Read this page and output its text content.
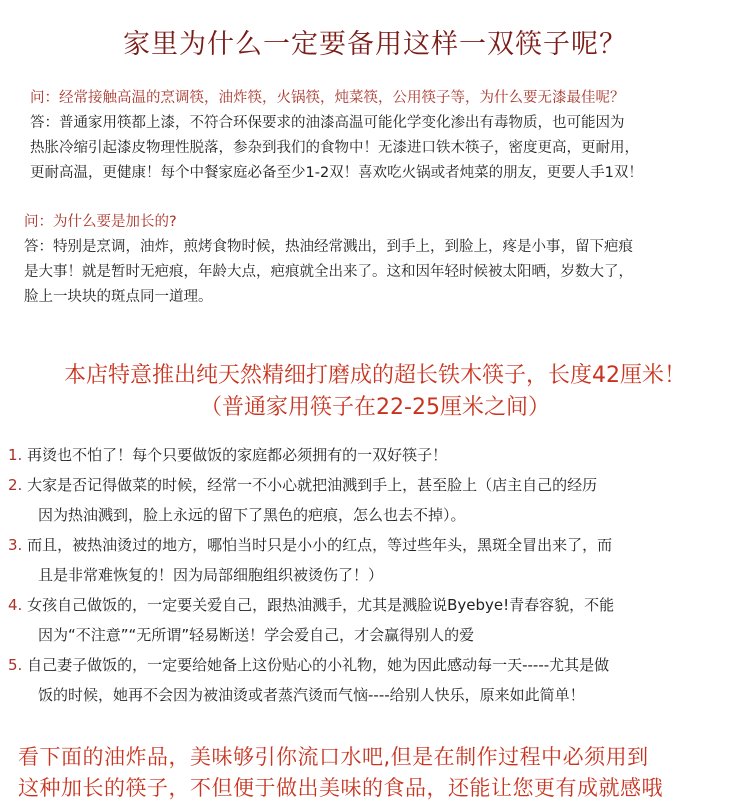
家里为什么一定要备用这样一双筷子呢？
问：经常接触高温的烹调筷，油炸筷，火锅筷，炖菜筷，公用筷子等，为什么要无漆最佳呢？
答：普通家用筷都上漆，不符合环保要求的油漆高温可能化学变化渗出有毒物质，也可能因为
热胀冷缩引起漆皮物理性脱落，参杂到我们的食物中！无漆进口铁木筷子，密度更高，更耐用，
更耐高温，更健康！每个中餐家庭必备至少1-2双！喜欢吃火锅或者炖菜的朋友，更要人手1双！
问：为什么要是加长的?
答：特别是烹调，油炸，煎烤食物时候，热油经常溅出，到手上，到脸上，疼是小事，留下疤痕
是大事！就是暂时无疤痕，年龄大点，疤痕就全出来了。这和因年轻时候被太阳晒，岁数大了，
脸上一块块的斑点同一道理。
本店特意推出纯天然精细打磨成的超长铁木筷子，长度42厘米！
（普通家用筷子在22-25厘米之间）
1. 再烫也不怕了！每个只要做饭的家庭都必须拥有的一双好筷子！
2. 大家是否记得做菜的时候，经常一不小心就把油溅到手上，甚至脸上（店主自己的经历
因为热油溅到，脸上永远的留下了黑色的疤痕，怎么也去不掉）。
3. 而且，被热油烫过的地方，哪怕当时只是小小的红点，等过些年头，黑斑全冒出来了，而
且是非常难恢复的！因为局部细胞组织被烫伤了！）
4. 女孩自己做饭的，一定要关爱自己，跟热油溅手，尤其是溅脸说Byebye!青春容貌，不能
因为“不注意”“无所谓”轻易断送！学会爱自己，才会赢得别人的爱
5. 自己妻子做饭的，一定要给她备上这份贴心的小礼物，她为因此感动每一天-----尤其是做
饭的时候，她再不会因为被油烫或者蒸汽烫而气恼----给别人快乐，原来如此简单！
看下面的油炸品，美味够引你流口水吧,但是在制作过程中必须用到
这种加长的筷子，不但便于做出美味的食品，还能让您更有成就感哦
